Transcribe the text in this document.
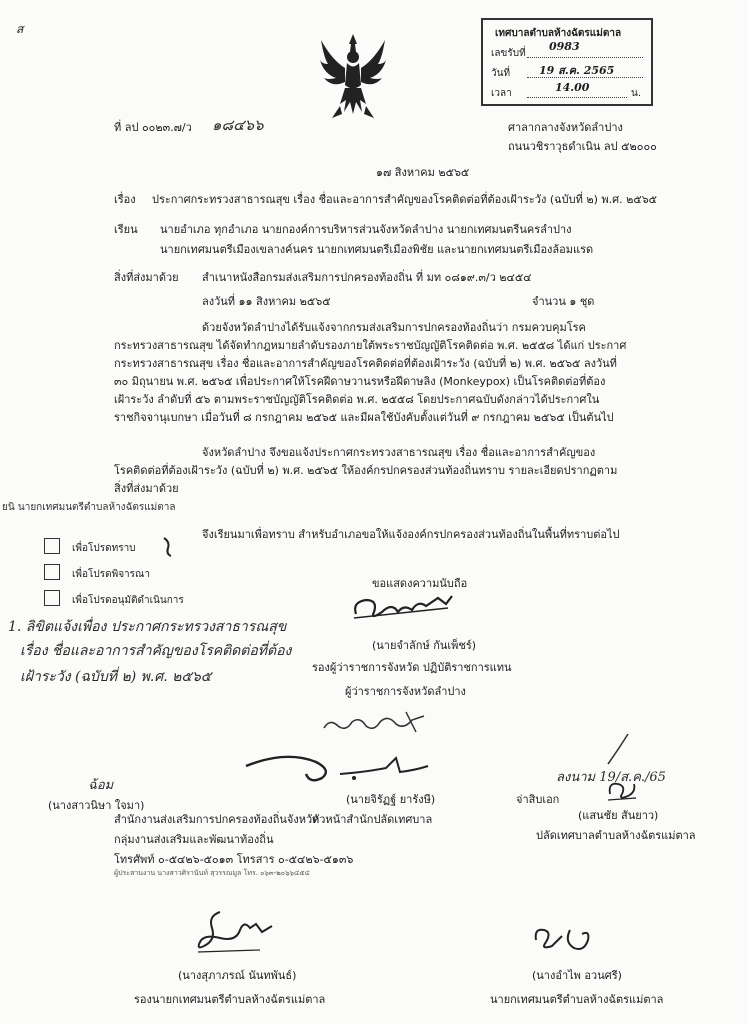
ส	เทศบาลตำบลห้างฉัตรแม่ตาล
เลขรับที่
0983
วันที่	19 ส.ค. 2565
เวลา	14.00	น.
ที่ ลป ๐๐๒๓.๗/ว ๑๘๔๖๖	ศาลากลางจังหวัดลำปาง
ถนนวชิราวุธดำเนิน ลป ๕๒๐๐๐
๑๗ สิงหาคม ๒๕๖๕
เรื่อง ประกาศกระทรวงสาธารณสุข เรื่อง ชื่อและอาการสำคัญของโรคติดต่อที่ต้องเฝ้าระวัง (ฉบับที่ ๒) พ.ศ. ๒๕๖๕
เรียน นายอำเภอ ทุกอำเภอ นายกองค์การบริหารส่วนจังหวัดลำปาง นายกเทศมนตรีนครลำปาง
นายกเทศมนตรีเมืองเขลางค์นคร นายกเทศมนตรีเมืองพิชัย และนายกเทศมนตรีเมืองล้อมแรด
สิ่งที่ส่งมาด้วย สำเนาหนังสือกรมส่งเสริมการปกครองท้องถิ่น ที่ มท ๐๘๑๙.๓/ว ๒๔๕๔
ลงวันที่ ๑๑ สิงหาคม ๒๕๖๕	จำนวน ๑ ชุด
ด้วยจังหวัดลำปางได้รับแจ้งจากกรมส่งเสริมการปกครองท้องถิ่นว่า กรมควบคุมโรค
กระทรวงสาธารณสุข ได้จัดทำกฎหมายลำดับรองภายใต้พระราชบัญญัติโรคติดต่อ พ.ศ. ๒๕๕๘ ได้แก่ ประกาศ
กระทรวงสาธารณสุข เรื่อง ชื่อและอาการสำคัญของโรคติดต่อที่ต้องเฝ้าระวัง (ฉบับที่ ๒) พ.ศ. ๒๕๖๕ ลงวันที่
๓๐ มิถุนายน พ.ศ. ๒๕๖๕ เพื่อประกาศให้โรคฝีดาษวานรหรือฝีดาษลิง (Monkeypox) เป็นโรคติดต่อที่ต้อง
เฝ้าระวัง ลำดับที่ ๕๖ ตามพระราชบัญญัติโรคติดต่อ พ.ศ. ๒๕๕๘ โดยประกาศฉบับดังกล่าวได้ประกาศใน
ราชกิจจานุเบกษา เมื่อวันที่ ๘ กรกฎาคม ๒๕๖๕ และมีผลใช้บังคับตั้งแต่วันที่ ๙ กรกฎาคม ๒๕๖๕ เป็นต้นไป
จังหวัดลำปาง จึงขอแจ้งประกาศกระทรวงสาธารณสุข เรื่อง ชื่อและอาการสำคัญของ
โรคติดต่อที่ต้องเฝ้าระวัง (ฉบับที่ ๒) พ.ศ. ๒๕๖๕ ให้องค์กรปกครองส่วนท้องถิ่นทราบ รายละเอียดปรากฏตาม
สิ่งที่ส่งมาด้วย
ยนิ นายกเทศมนตรีตำบลห้างฉัตรแม่ตาล
จึงเรียนมาเพื่อทราบ สำหรับอำเภอขอให้แจ้งองค์กรปกครองส่วนท้องถิ่นในพื้นที่ทราบต่อไป
เพื่อโปรดทราบ
เพื่อโปรดพิจารณา
เพื่อโปรดอนุมัติดำเนินการ
1. ลิขิตแจ้งเพื่อง ประกาศกระทรวงสาธารณสุข
เรื่อง ชื่อและอาการสำคัญของโรคติดต่อที่ต้อง
เฝ้าระวัง (ฉบับที่ ๒) พ.ศ. ๒๕๖๕
ขอแสดงความนับถือ
(นายจำลักษ์ กันเพ็ชร์)
รองผู้ว่าราชการจังหวัด ปฏิบัติราชการแทน
ผู้ว่าราชการจังหวัดลำปาง
(นายจิรัฏฐ์ ยารังษี)
หัวหน้าสำนักปลัดเทศบาล
ลงนาม 19/ส.ค./65
จ่าสิบเอก
(แสนชัย สันยาว)
ปลัดเทศบาลตำบลห้างฉัตรแม่ตาล
ฉ้อม
(นางสาวนิษา ใจมา)
สำนักงานส่งเสริมการปกครองท้องถิ่นจังหวัด
กลุ่มงานส่งเสริมและพัฒนาท้องถิ่น
โทรศัพท์ ๐-๕๔๒๖-๕๐๑๓ โทรสาร ๐-๕๔๒๖-๕๑๓๖
ผู้ประสานงาน นางสาวศิรานันท์ สุวรรณมูล โทร. ๐๖๓-๒๐๖๖๔๕๔
(นางสุภาภรณ์ นันทพันธ์)
รองนายกเทศมนตรีตำบลห้างฉัตรแม่ตาล
(นางอำไพ อวนศรี)
นายกเทศมนตรีตำบลห้างฉัตรแม่ตาล
